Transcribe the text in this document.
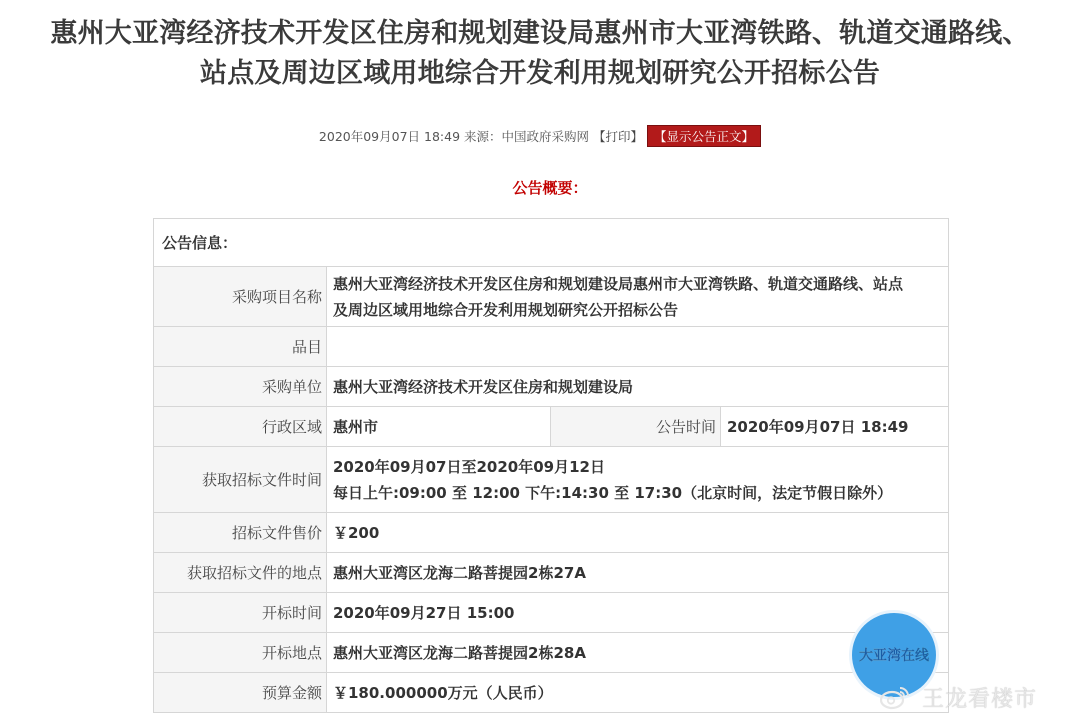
惠州大亚湾经济技术开发区住房和规划建设局惠州市大亚湾铁路、轨道交通路线、
站点及周边区域用地综合开发利用规划研究公开招标公告
2020年09月07日 18:49 来源：中国政府采购网 【打印】 【显示公告正文】
公告概要：
公告信息：			
采购项目名称	惠州大亚湾经济技术开发区住房和规划建设局惠州市大亚湾铁路、轨道交通路线、站点
及周边区域用地综合开发利用规划研究公开招标公告		

品目			
采购单位	惠州大亚湾经济技术开发区住房和规划建设局		
行政区域	惠州市	公告时间	2020年09月07日 18:49
获取招标文件时间	2020年09月07日至2020年09月12日
每日上午:09:00 至 12:00 下午:14:30 至 17:30（北京时间，法定节假日除外）		

招标文件售价	￥200		
获取招标文件的地点	惠州大亚湾区龙海二路菩提园2栋27A		
开标时间	2020年09月27日 15:00		
开标地点	惠州大亚湾区龙海二路菩提园2栋28A		
预算金额	￥180.000000万元（人民币）		
大亚湾在线
王龙看楼市
